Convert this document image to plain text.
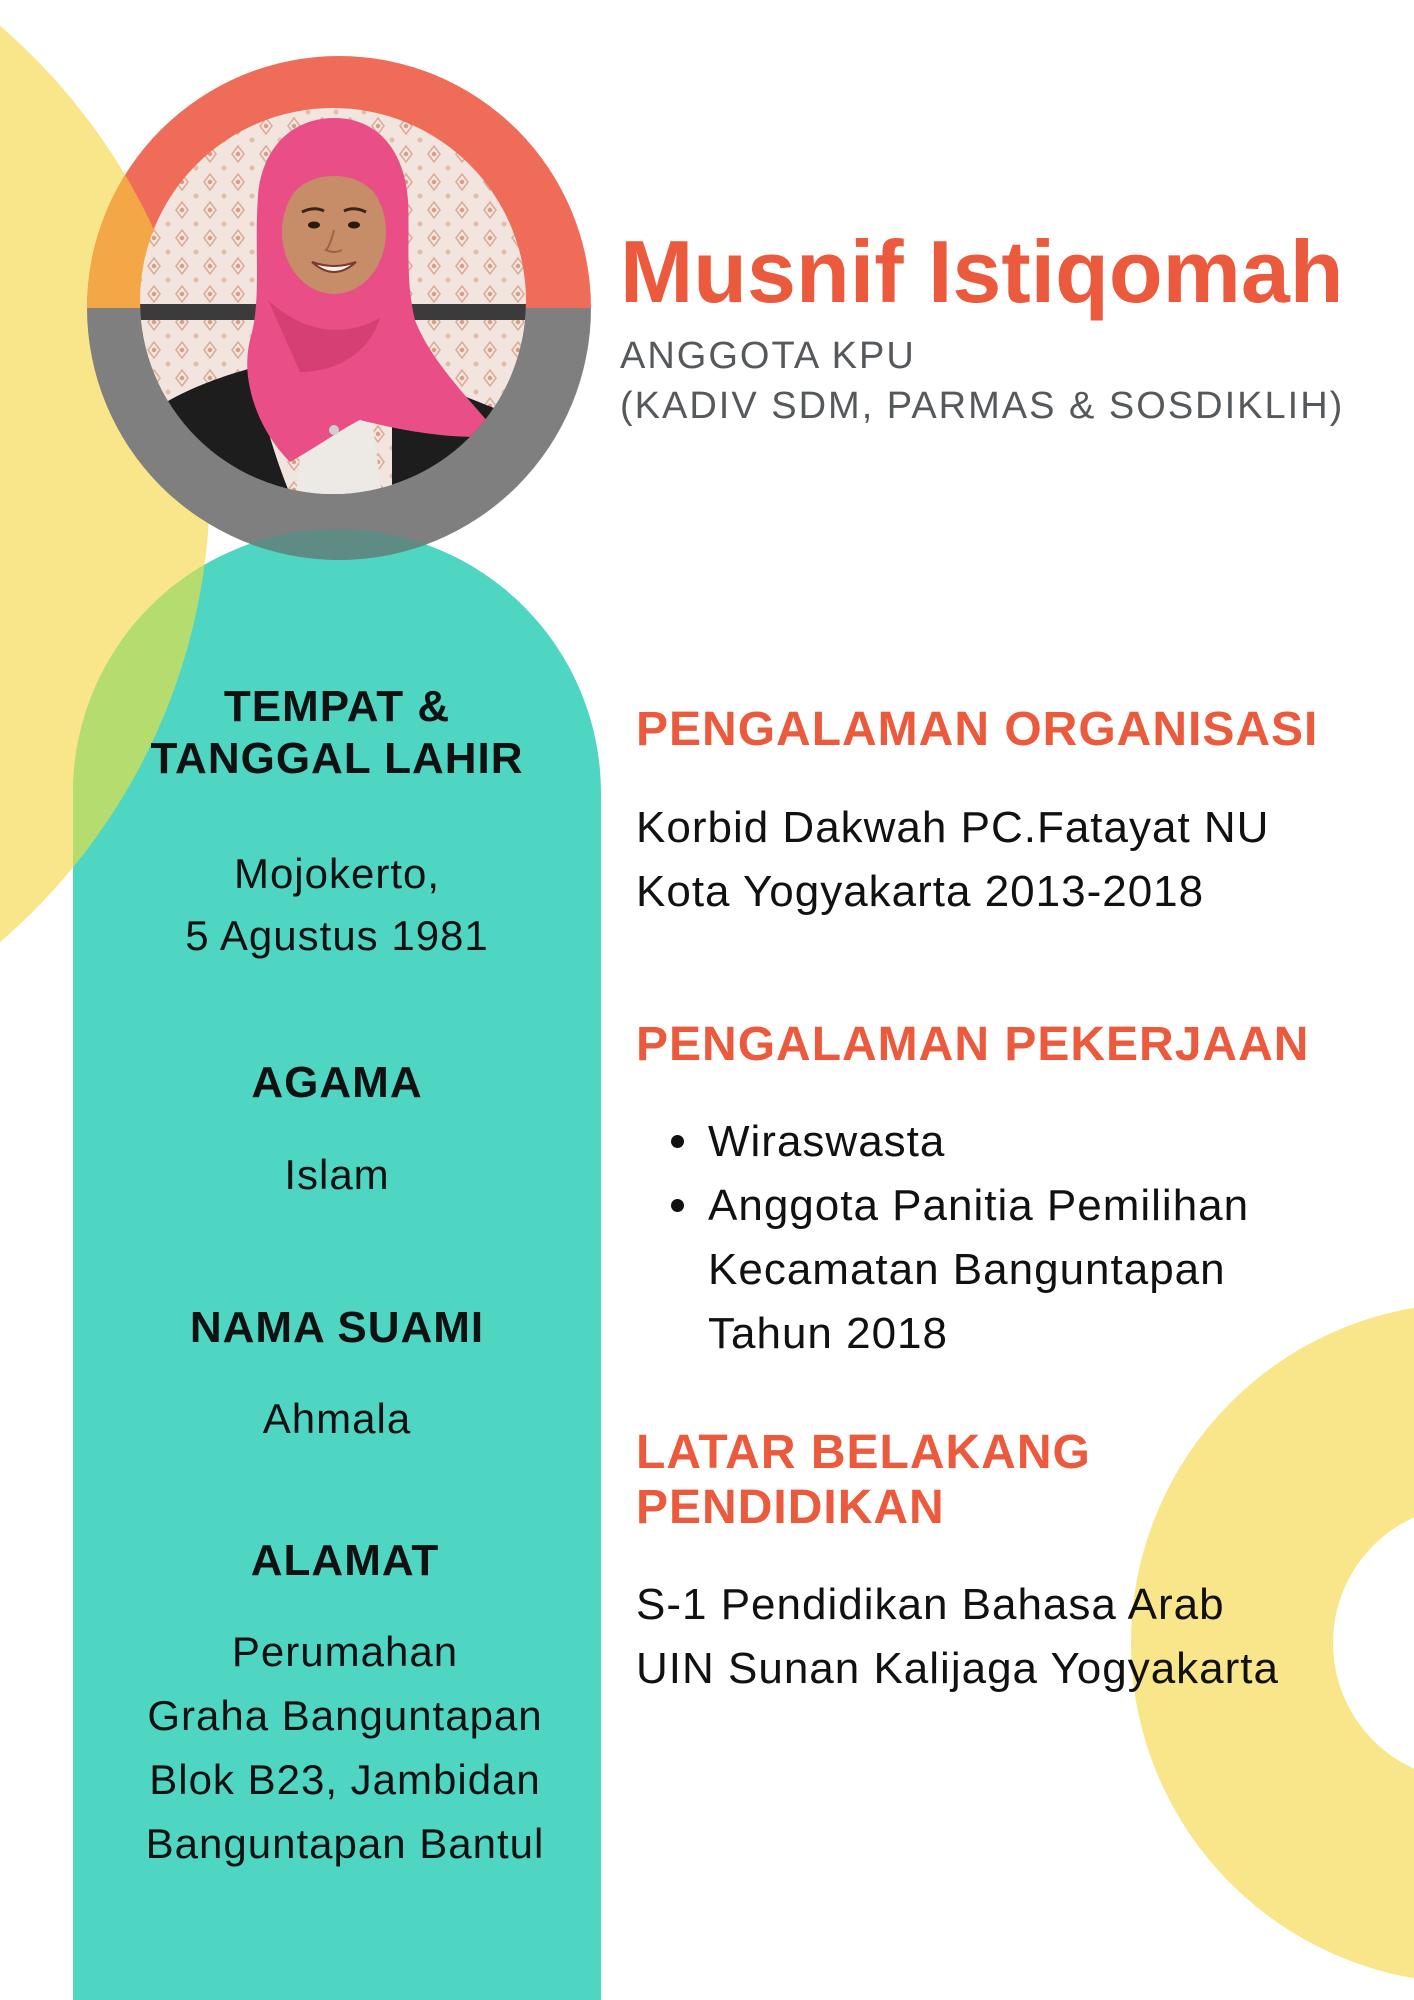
Musnif Istiqomah
ANGGOTA KPU
(KADIV SDM, PARMAS & SOSDIKLIH)
TEMPAT &
TANGGAL LAHIR
Mojokerto,
5 Agustus 1981
AGAMA
Islam
NAMA SUAMI
Ahmala
ALAMAT
Perumahan
Graha Banguntapan
Blok B23, Jambidan
Banguntapan Bantul
PENGALAMAN ORGANISASI
Korbid Dakwah PC.Fatayat NU
Kota Yogyakarta 2013-2018
PENGALAMAN PEKERJAAN
Wiraswasta
Anggota Panitia Pemilihan
Kecamatan Banguntapan
Tahun 2018
LATAR BELAKANG
PENDIDIKAN
S-1 Pendidikan Bahasa Arab
UIN Sunan Kalijaga Yogyakarta
